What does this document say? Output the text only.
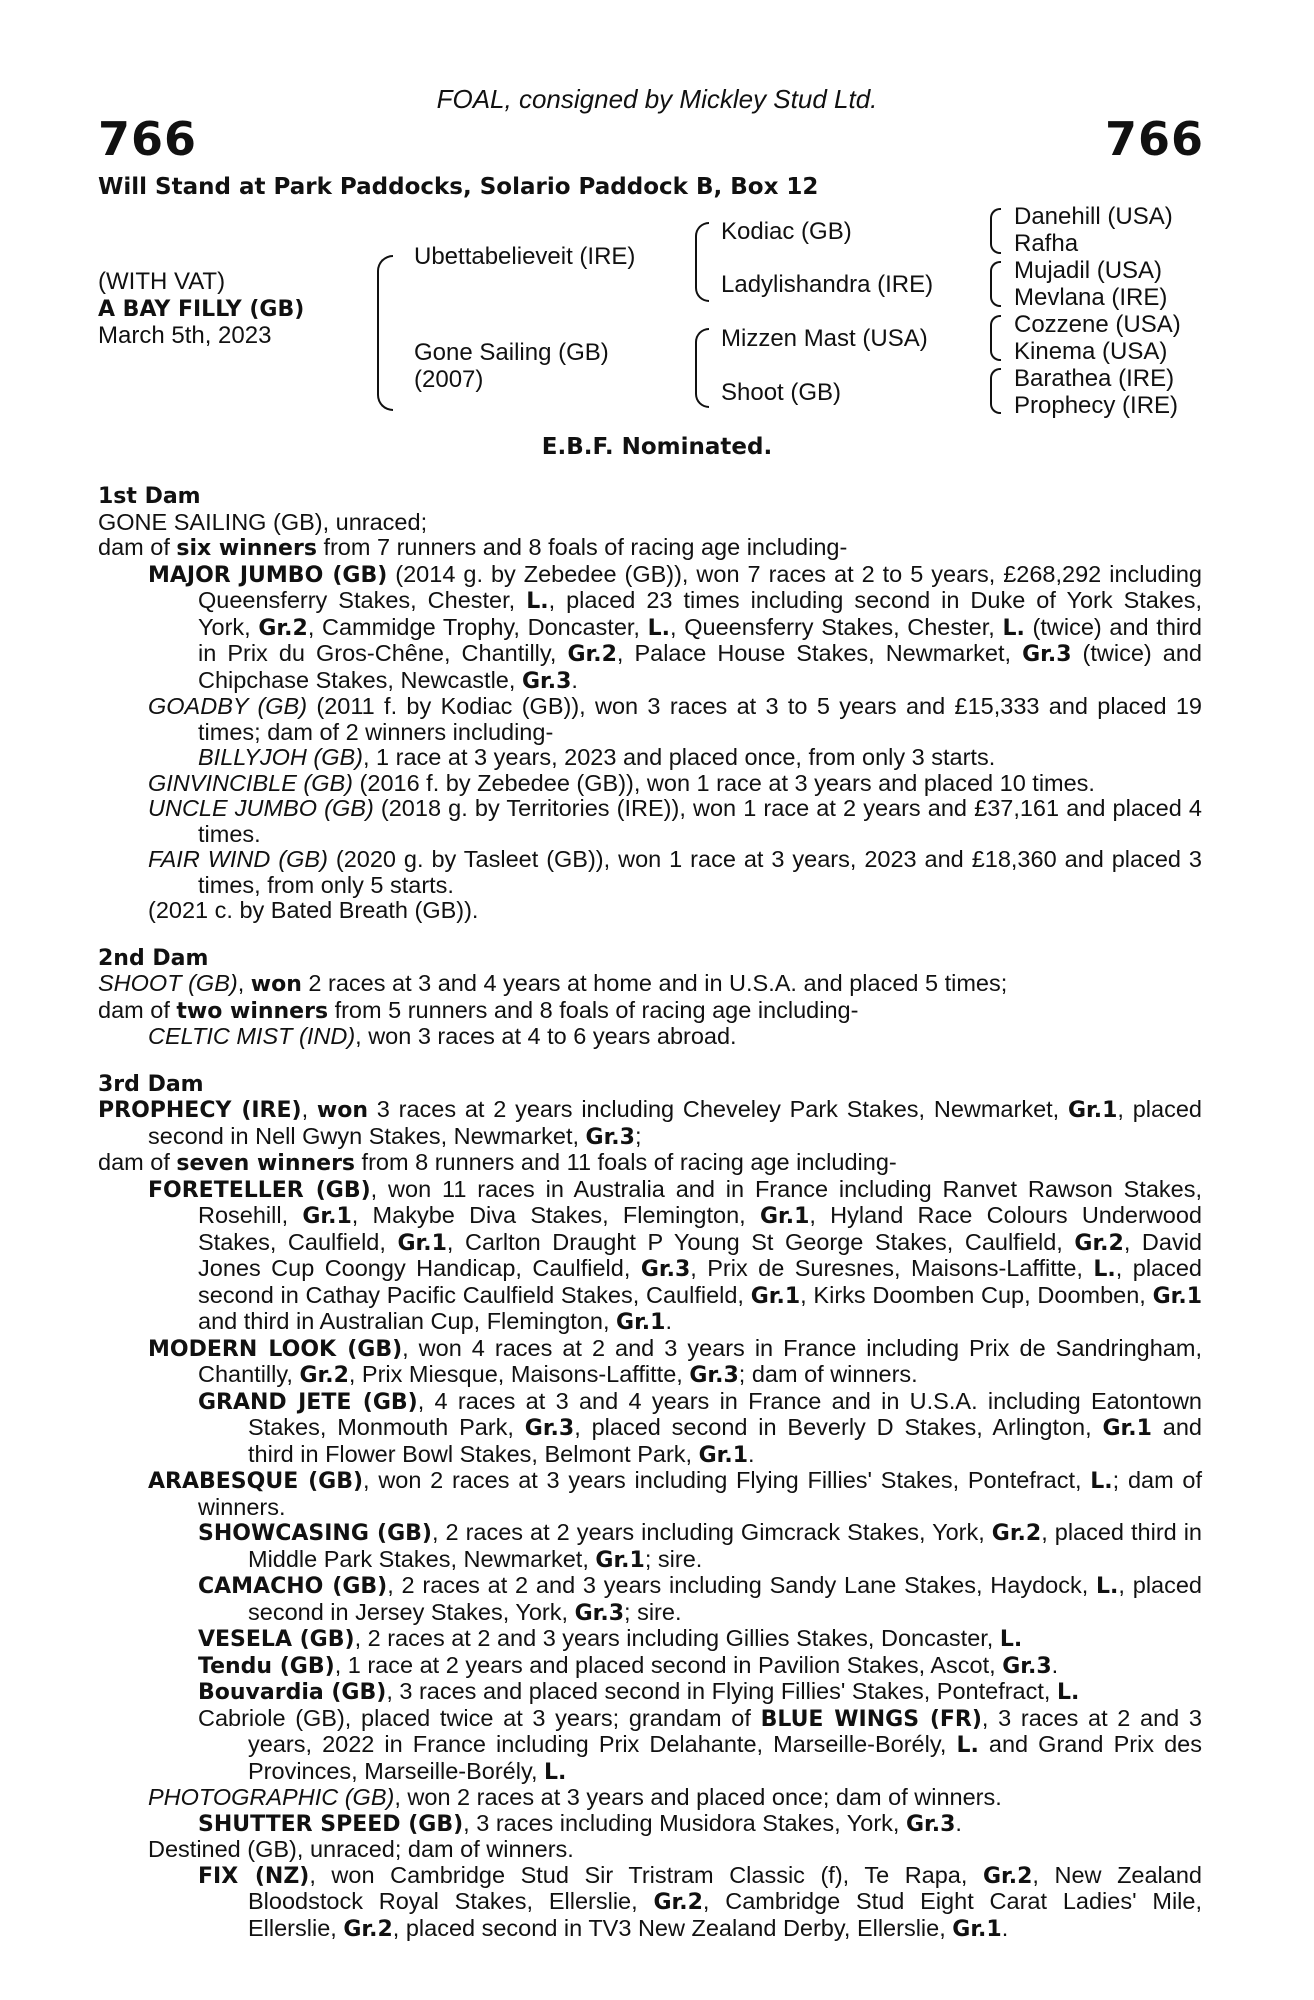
FOAL, consigned by Mickley Stud Ltd.
766	766
Will Stand at Park Paddocks, Solario Paddock B, Box 12
(WITH VAT)
A BAY FILLY (GB)
March 5th, 2023
Ubettabelieveit (IRE)
Gone Sailing (GB)
(2007)
Kodiac (GB)
Ladylishandra (IRE)
Mizzen Mast (USA)
Shoot (GB)
Danehill (USA)
Rafha
Mujadil (USA)
Mevlana (IRE)
Cozzene (USA)
Kinema (USA)
Barathea (IRE)
Prophecy (IRE)
E.B.F. Nominated.
1st Dam
GONE SAILING (GB), unraced;
dam of six winners from 7 runners and 8 foals of racing age including-
MAJOR JUMBO (GB) (2014 g. by Zebedee (GB)), won 7 races at 2 to 5 years, £268,292 including Queensferry Stakes, Chester, L., placed 23 times including second in Duke of York Stakes, York, Gr.2, Cammidge Trophy, Doncaster, L., Queensferry Stakes, Chester, L. (twice) and third in Prix du Gros-Chêne, Chantilly, Gr.2, Palace House Stakes, Newmarket, Gr.3 (twice) and Chipchase Stakes, Newcastle, Gr.3.
GOADBY (GB) (2011 f. by Kodiac (GB)), won 3 races at 3 to 5 years and £15,333 and placed 19 times; dam of 2 winners including-
BILLYJOH (GB), 1 race at 3 years, 2023 and placed once, from only 3 starts.
GINVINCIBLE (GB) (2016 f. by Zebedee (GB)), won 1 race at 3 years and placed 10 times.
UNCLE JUMBO (GB) (2018 g. by Territories (IRE)), won 1 race at 2 years and £37,161 and placed 4 times.
FAIR WIND (GB) (2020 g. by Tasleet (GB)), won 1 race at 3 years, 2023 and £18,360 and placed 3 times, from only 5 starts.
(2021 c. by Bated Breath (GB)).
2nd Dam
SHOOT (GB), won 2 races at 3 and 4 years at home and in U.S.A. and placed 5 times;
dam of two winners from 5 runners and 8 foals of racing age including-
CELTIC MIST (IND), won 3 races at 4 to 6 years abroad.
3rd Dam
PROPHECY (IRE), won 3 races at 2 years including Cheveley Park Stakes, Newmarket, Gr.1, placed second in Nell Gwyn Stakes, Newmarket, Gr.3;
dam of seven winners from 8 runners and 11 foals of racing age including-
FORETELLER (GB), won 11 races in Australia and in France including Ranvet Rawson Stakes, Rosehill, Gr.1, Makybe Diva Stakes, Flemington, Gr.1, Hyland Race Colours Underwood Stakes, Caulfield, Gr.1, Carlton Draught P Young St George Stakes, Caulfield, Gr.2, David Jones Cup Coongy Handicap, Caulfield, Gr.3, Prix de Suresnes, Maisons-Laffitte, L., placed second in Cathay Pacific Caulfield Stakes, Caulfield, Gr.1, Kirks Doomben Cup, Doomben, Gr.1 and third in Australian Cup, Flemington, Gr.1.
MODERN LOOK (GB), won 4 races at 2 and 3 years in France including Prix de Sandringham, Chantilly, Gr.2, Prix Miesque, Maisons-Laffitte, Gr.3; dam of winners.
GRAND JETE (GB), 4 races at 3 and 4 years in France and in U.S.A. including Eatontown Stakes, Monmouth Park, Gr.3, placed second in Beverly D Stakes, Arlington, Gr.1 and third in Flower Bowl Stakes, Belmont Park, Gr.1.
ARABESQUE (GB), won 2 races at 3 years including Flying Fillies' Stakes, Pontefract, L.; dam of winners.
SHOWCASING (GB), 2 races at 2 years including Gimcrack Stakes, York, Gr.2, placed third in Middle Park Stakes, Newmarket, Gr.1; sire.
CAMACHO (GB), 2 races at 2 and 3 years including Sandy Lane Stakes, Haydock, L., placed second in Jersey Stakes, York, Gr.3; sire.
VESELA (GB), 2 races at 2 and 3 years including Gillies Stakes, Doncaster, L.
Tendu (GB), 1 race at 2 years and placed second in Pavilion Stakes, Ascot, Gr.3.
Bouvardia (GB), 3 races and placed second in Flying Fillies' Stakes, Pontefract, L.
Cabriole (GB), placed twice at 3 years; grandam of BLUE WINGS (FR), 3 races at 2 and 3 years, 2022 in France including Prix Delahante, Marseille-Borély, L. and Grand Prix des Provinces, Marseille-Borély, L.
PHOTOGRAPHIC (GB), won 2 races at 3 years and placed once; dam of winners.
SHUTTER SPEED (GB), 3 races including Musidora Stakes, York, Gr.3.
Destined (GB), unraced; dam of winners.
FIX (NZ), won Cambridge Stud Sir Tristram Classic (f), Te Rapa, Gr.2, New Zealand Bloodstock Royal Stakes, Ellerslie, Gr.2, Cambridge Stud Eight Carat Ladies' Mile, Ellerslie, Gr.2, placed second in TV3 New Zealand Derby, Ellerslie, Gr.1.
